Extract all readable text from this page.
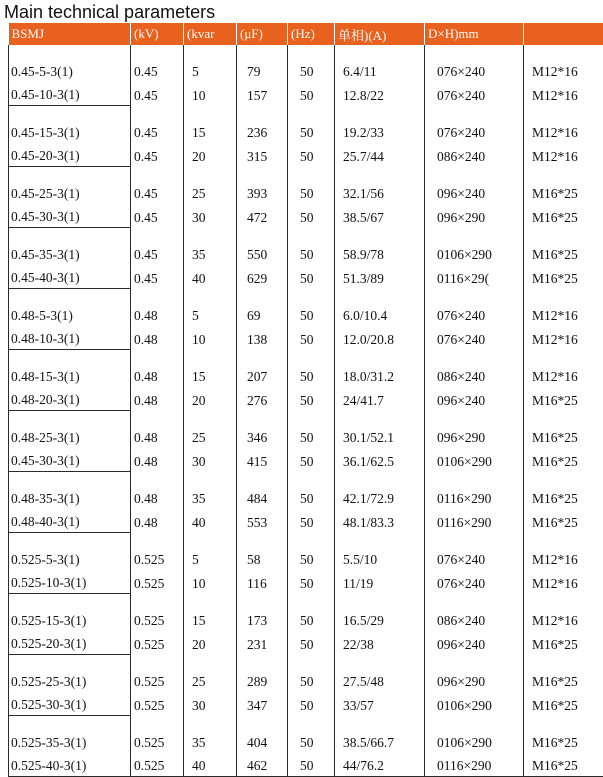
Main technical parameters
BSMJ	(kV)	(kvar	(μF)	(Hz)	单相)(A)	D×H)mm	
0.45-5-3(1)	0.45	5	79	50	6.4/11	076×240	M12*16
0.45-10-3(1)	0.45	10	157	50	12.8/22	076×240	M12*16
0.45-15-3(1)	0.45	15	236	50	19.2/33	076×240	M12*16
0.45-20-3(1)	0.45	20	315	50	25.7/44	086×240	M12*16
0.45-25-3(1)	0.45	25	393	50	32.1/56	096×240	M16*25
0.45-30-3(1)	0.45	30	472	50	38.5/67	096×290	M16*25
0.45-35-3(1)	0.45	35	550	50	58.9/78	0106×290	M16*25
0.45-40-3(1)	0.45	40	629	50	51.3/89	0116×29(	M16*25
0.48-5-3(1)	0.48	5	69	50	6.0/10.4	076×240	M12*16
0.48-10-3(1)	0.48	10	138	50	12.0/20.8	076×240	M12*16
0.48-15-3(1)	0.48	15	207	50	18.0/31.2	086×240	M12*16
0.48-20-3(1)	0.48	20	276	50	24/41.7	096×240	M16*25
0.48-25-3(1)	0.48	25	346	50	30.1/52.1	096×290	M16*25
0.45-30-3(1)	0.48	30	415	50	36.1/62.5	0106×290	M16*25
0.48-35-3(1)	0.48	35	484	50	42.1/72.9	0116×290	M16*25
0.48-40-3(1)	0.48	40	553	50	48.1/83.3	0116×290	M16*25
0.525-5-3(1)	0.525	5	58	50	5.5/10	076×240	M12*16
0.525-10-3(1)	0.525	10	116	50	11/19	076×240	M12*16
0.525-15-3(1)	0.525	15	173	50	16.5/29	086×240	M12*16
0.525-20-3(1)	0.525	20	231	50	22/38	096×240	M16*25
0.525-25-3(1)	0.525	25	289	50	27.5/48	096×290	M16*25
0.525-30-3(1)	0.525	30	347	50	33/57	0106×290	M16*25
0.525-35-3(1)	0.525	35	404	50	38.5/66.7	0106×290	M16*25
0.525-40-3(1)	0.525	40	462	50	44/76.2	0116×290	M16*25
